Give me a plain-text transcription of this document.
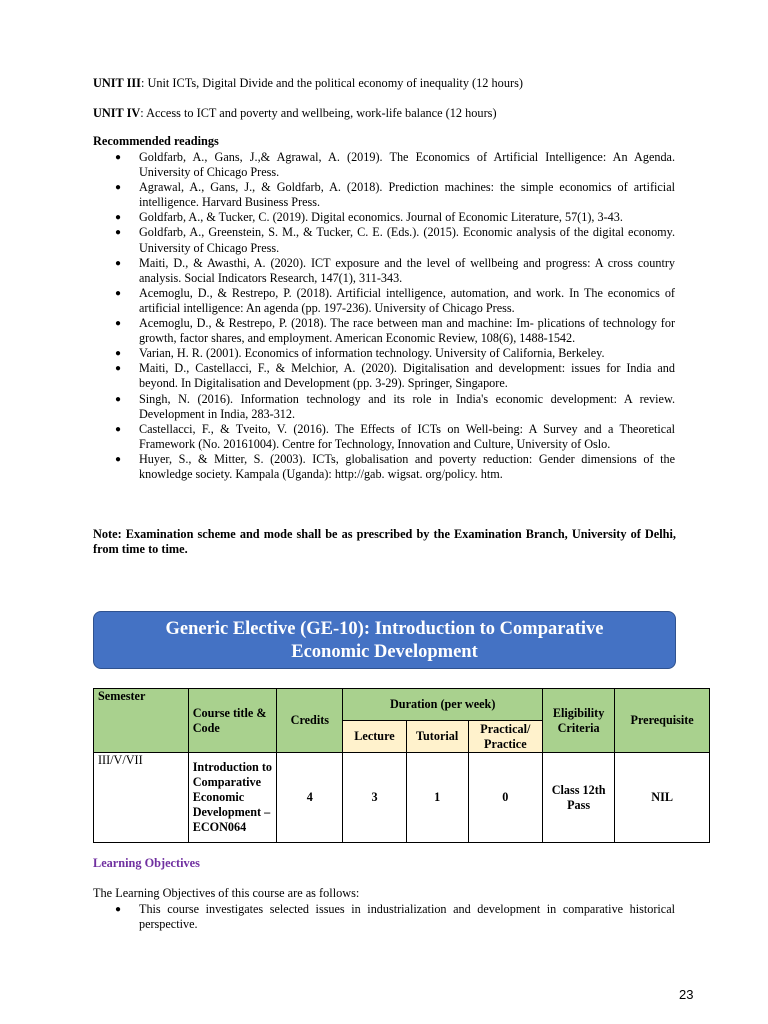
UNIT III: Unit ICTs, Digital Divide and the political economy of inequality (12 hours)
UNIT IV: Access to ICT and poverty and wellbeing, work-life balance (12 hours)
Recommended readings
● Goldfarb, A., Gans, J.,& Agrawal, A. (2019). The Economics of Artificial Intelligence: An Agenda. University of Chicago Press.
● Agrawal, A., Gans, J., & Goldfarb, A. (2018). Prediction machines: the simple economics of artificial intelligence. Harvard Business Press.
● Goldfarb, A., & Tucker, C. (2019). Digital economics. Journal of Economic Literature, 57(1), 3-43.
● Goldfarb, A., Greenstein, S. M., & Tucker, C. E. (Eds.). (2015). Economic analysis of the digital economy. University of Chicago Press.
● Maiti, D., & Awasthi, A. (2020). ICT exposure and the level of wellbeing and progress: A cross country analysis. Social Indicators Research, 147(1), 311-343.
● Acemoglu, D., & Restrepo, P. (2018). Artificial intelligence, automation, and work. In The economics of artificial intelligence: An agenda (pp. 197-236). University of Chicago Press.
● Acemoglu, D., & Restrepo, P. (2018). The race between man and machine: Im- plications of technology for growth, factor shares, and employment. American Economic Review, 108(6), 1488-1542.
● Varian, H. R. (2001). Economics of information technology. University of California, Berkeley.
● Maiti, D., Castellacci, F., & Melchior, A. (2020). Digitalisation and development: issues for India and beyond. In Digitalisation and Development (pp. 3-29). Springer, Singapore.
● Singh, N. (2016). Information technology and its role in India's economic development: A review. Development in India, 283-312.
● Castellacci, F., & Tveito, V. (2016). The Effects of ICTs on Well-being: A Survey and a Theoretical Framework (No. 20161004). Centre for Technology, Innovation and Culture, University of Oslo.
● Huyer, S., & Mitter, S. (2003). ICTs, globalisation and poverty reduction: Gender dimensions of the knowledge society. Kampala (Uganda): http://gab. wigsat. org/policy. htm.
Note: Examination scheme and mode shall be as prescribed by the Examination Branch, University of Delhi, from time to time.
Generic Elective (GE-10): Introduction to Comparative
Economic Development
Semester	Course title & Code	Credits	Duration (per week)			Eligibility Criteria	Prerequisite
			Lecture	Tutorial	Practical/ Practice		
III/V/VII	Introduction to Comparative Economic Development – ECON064	4	3	1	0	Class 12th Pass	NIL
Learning Objectives
The Learning Objectives of this course are as follows:
● This course investigates selected issues in industrialization and development in comparative historical perspective.
23
